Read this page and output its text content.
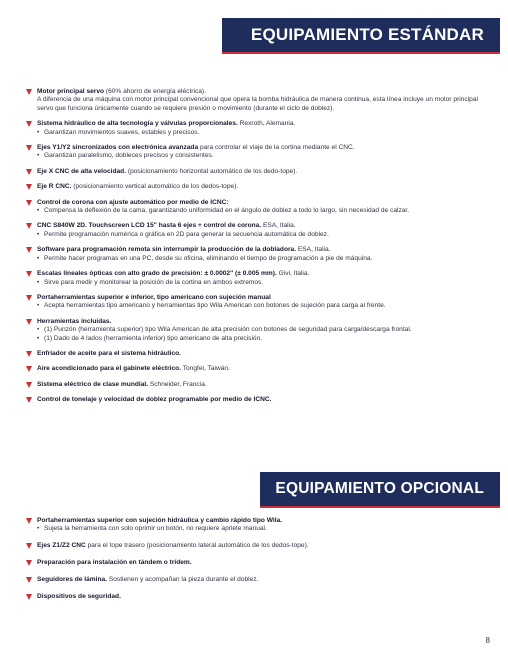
EQUIPAMIENTO ESTÁNDAR
Motor principal servo (60% ahorro de energía eléctrica).
A diferencia de una máquina con motor principal convencional que opera la bomba hidráulica de manera continua, esta línea incluye un motor principal servo que funciona únicamente cuando se requiere presión o movimiento (durante el ciclo de doblez).
Sistema hidráulico de alta tecnología y válvulas proporcionales. Rexroth, Alemania.
• Garantizan movimientos suaves, estables y precisos.
Ejes Y1/Y2 sincronizados con electrónica avanzada para controlar el viaje de la cortina mediante el CNC.
• Garantizan paralelismo, dobleces precisos y consistentes.
Eje X CNC de alta velocidad. (posicionamiento horizontal automático de los dedo-tope).
Eje R CNC. (posicionamiento vertical automático de los dedos-tope).
Control de corona con ajuste automático por medio de ICNC:
• Compensa la deflexión de la cama, garantizando uniformidad en el ángulo de doblez a todo lo largo, sin necesidad de calzar.
CNC S840W 2D. Touchscreen LCD 15" hasta 6 ejes + control de corona. ESA, Italia.
• Permite programación numérica o gráfica en 2D para generar la secuencia automática de doblez.
Software para programación remota sin interrumpir la producción de la dobladora. ESA, Italia.
• Permite hacer programas en una PC, desde su oficina, eliminando el tiempo de programación a pie de máquina.
Escalas lineales ópticas con alto grado de precisión: ± 0.0002" (± 0.005 mm). Givi, Italia.
• Sirve para medir y monitorear la posición de la cortina en ambos extremos.
Portaherramientas superior e inferior, tipo americano con sujeción manual
• Acepta herramientas tipo americano y herramientas tipo Wila American con botones de sujeción para carga al frente.
Herramientas incluidas.
• (1) Punzón (herramienta superior) tipo Wila American de alta precisión con botones de seguridad para carga/descarga frontal.
• (1) Dado de 4 lados (herramienta inferior) tipo americano de alta precisión.
Enfriador de aceite para el sistema hidráulico.
Aire acondicionado para el gabinete eléctrico. Tongfei, Taiwán.
Sistema eléctrico de clase mundial. Schneider, Francia.
Control de tonelaje y velocidad de doblez programable por medio de ICNC.
EQUIPAMIENTO OPCIONAL
Portaherramientas superior con sujeción hidráulica y cambio rápido tipo Wila.
• Sujeta la herramienta con solo oprimir un botón, no requiere apriete manual.
Ejes Z1/Z2 CNC para el tope trasero (posicionamiento lateral automático de los dedos-tope).
Preparación para instalación en tándem o trídem.
Seguidores de lámina. Sostienen y acompañan la pieza durante el doblez.
Dispositivos de seguridad.
8
